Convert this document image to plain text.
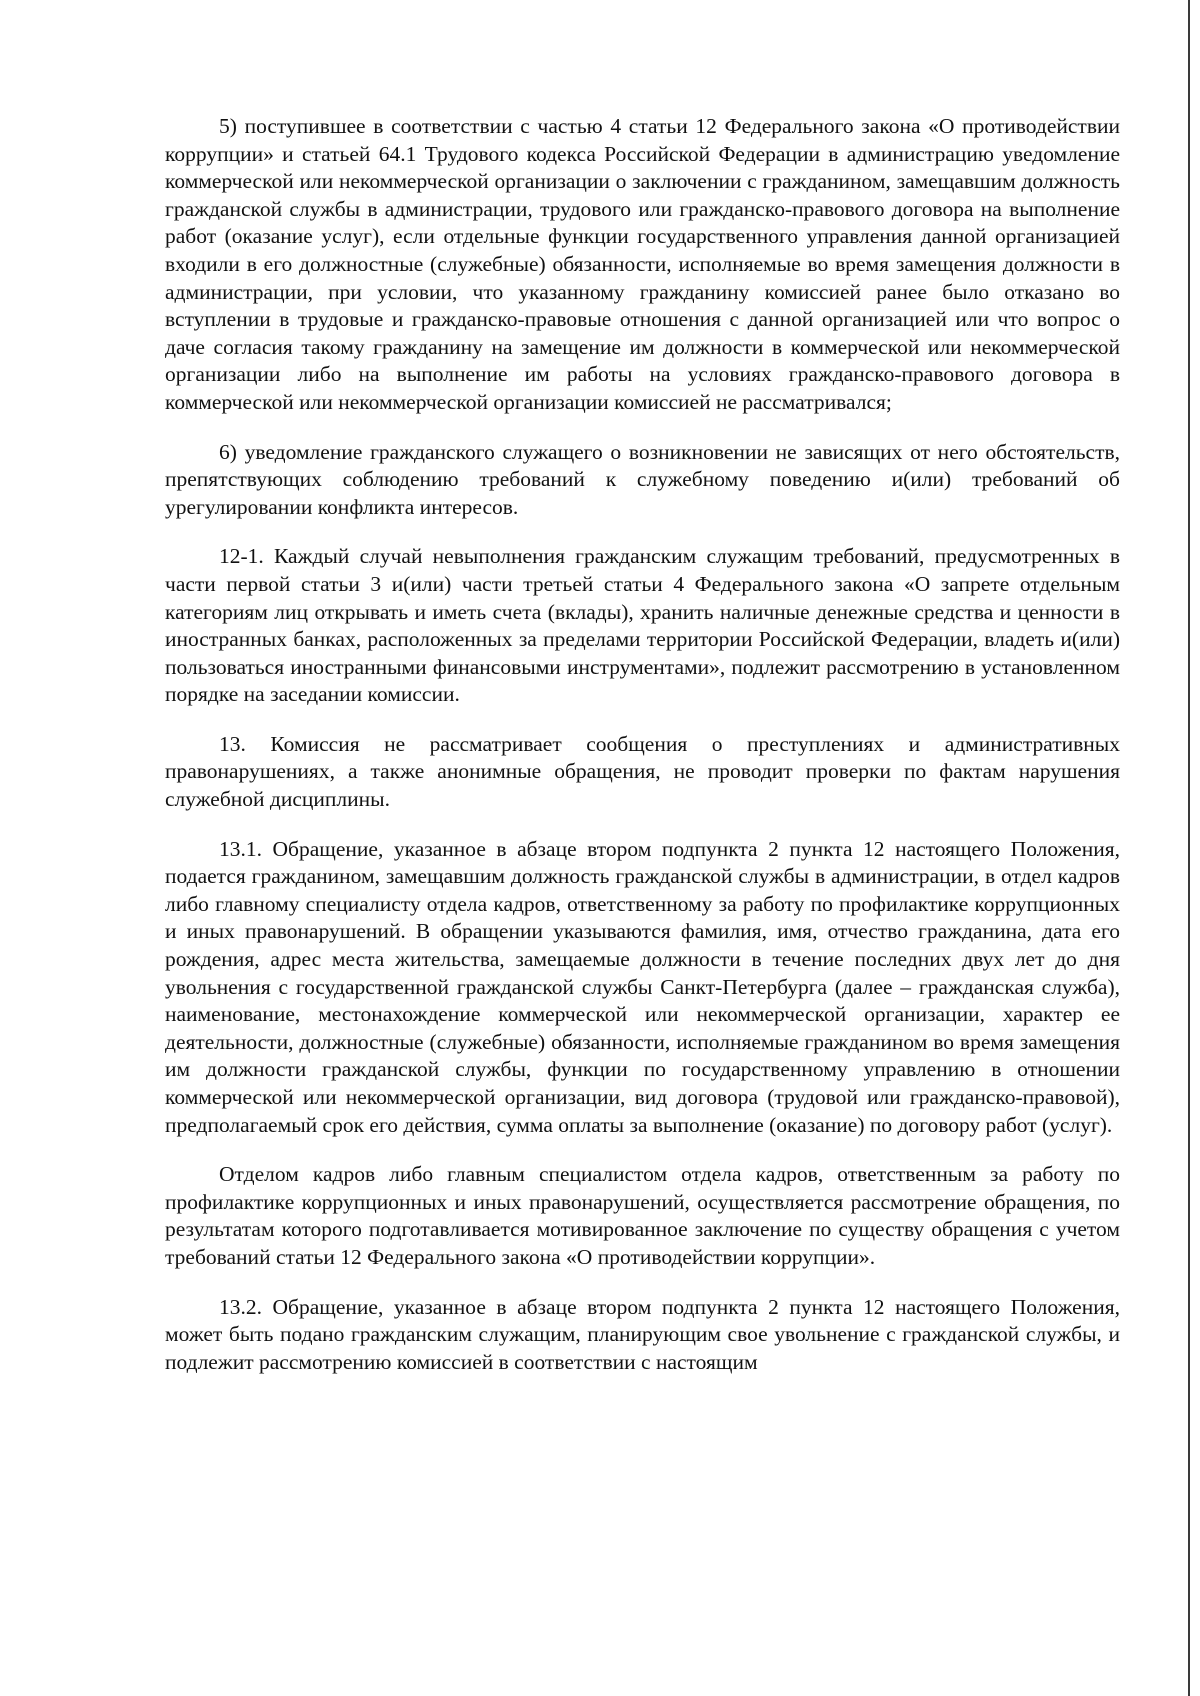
5) поступившее в соответствии с частью 4 статьи 12 Федерального закона «О противодействии коррупции» и статьей 64.1 Трудового кодекса Российской Федерации в администрацию уведомление коммерческой или некоммерческой организации о заключении с гражданином, замещавшим должность гражданской службы в администрации, трудового или гражданско-правового договора на выполнение работ (оказание услуг), если отдельные функции государственного управления данной организацией входили в его должностные (служебные) обязанности, исполняемые во время замещения должности в администрации, при условии, что указанному гражданину комиссией ранее было отказано во вступлении в трудовые и гражданско-правовые отношения с данной организацией или что вопрос о даче согласия такому гражданину на замещение им должности в коммерческой или некоммерческой организации либо на выполнение им работы на условиях гражданско-правового договора в коммерческой или некоммерческой организации комиссией не рассматривался;

6) уведомление гражданского служащего о возникновении не зависящих от него обстоятельств, препятствующих соблюдению требований к служебному поведению и(или) требований об урегулировании конфликта интересов.

12-1. Каждый случай невыполнения гражданским служащим требований, предусмотренных в части первой статьи 3 и(или) части третьей статьи 4 Федерального закона «О запрете отдельным категориям лиц открывать и иметь счета (вклады), хранить наличные денежные средства и ценности в иностранных банках, расположенных за пределами территории Российской Федерации, владеть и(или) пользоваться иностранными финансовыми инструментами», подлежит рассмотрению в установленном порядке на заседании комиссии.

13. Комиссия не рассматривает сообщения о преступлениях и административных правонарушениях, а также анонимные обращения, не проводит проверки по фактам нарушения служебной дисциплины.

13.1. Обращение, указанное в абзаце втором подпункта 2 пункта 12 настоящего Положения, подается гражданином, замещавшим должность гражданской службы в администрации, в отдел кадров либо главному специалисту отдела кадров, ответственному за работу по профилактике коррупционных и иных правонарушений. В обращении указываются фамилия, имя, отчество гражданина, дата его рождения, адрес места жительства, замещаемые должности в течение последних двух лет до дня увольнения с государственной гражданской службы Санкт-Петербурга (далее – гражданская служба), наименование, местонахождение коммерческой или некоммерческой организации, характер ее деятельности, должностные (служебные) обязанности, исполняемые гражданином во время замещения им должности гражданской службы, функции по государственному управлению в отношении коммерческой или некоммерческой организации, вид договора (трудовой или гражданско-правовой), предполагаемый срок его действия, сумма оплаты за выполнение (оказание) по договору работ (услуг).

Отделом кадров либо главным специалистом отдела кадров, ответственным за работу по профилактике коррупционных и иных правонарушений, осуществляется рассмотрение обращения, по результатам которого подготавливается мотивированное заключение по существу обращения с учетом требований статьи 12 Федерального закона «О противодействии коррупции».

13.2. Обращение, указанное в абзаце втором подпункта 2 пункта 12 настоящего Положения, может быть подано гражданским служащим, планирующим свое увольнение с гражданской службы, и подлежит рассмотрению комиссией в соответствии с настоящим
